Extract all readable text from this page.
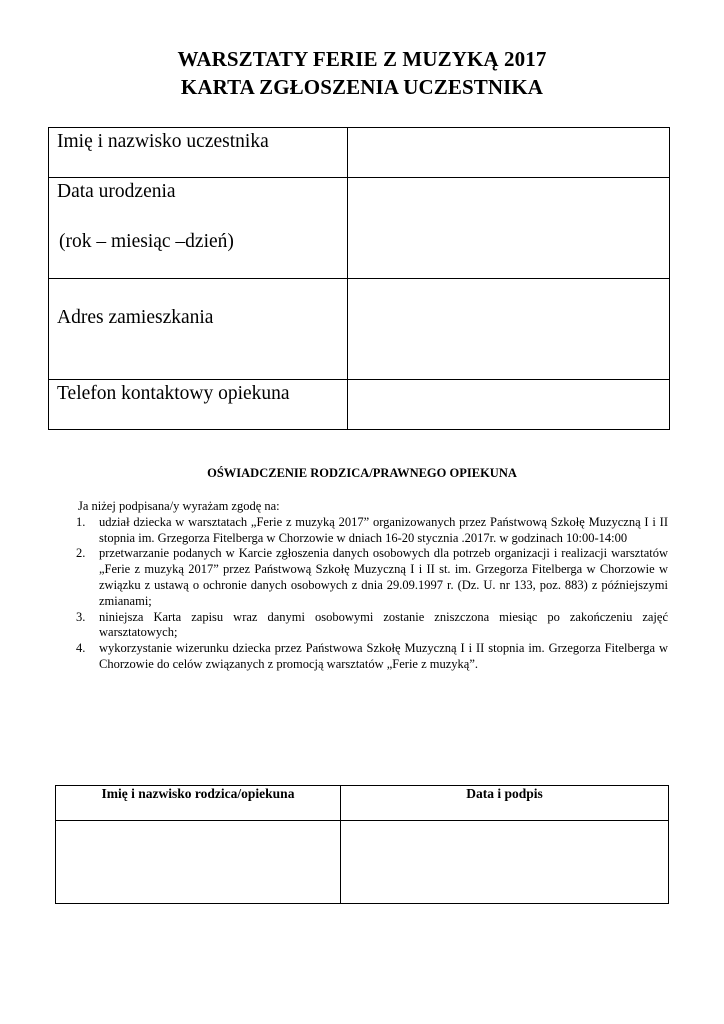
WARSZTATY FERIE Z MUZYKĄ 2017
KARTA ZGŁOSZENIA UCZESTNIKA
Imię i nazwisko uczestnika	

Data urodzenia
(rok – miesiąc –dzień)	

Adres zamieszkania	

Telefon kontaktowy opiekuna	

OŚWIADCZENIE RODZICA/PRAWNEGO OPIEKUNA

Ja niżej podpisana/y wyrażam zgodę na:

1. udział dziecka w warsztatach „Ferie z muzyką 2017” organizowanych przez Państwową Szkołę Muzyczną I i II stopnia im. Grzegorza Fitelberga w Chorzowie w dniach 16-20 stycznia .2017r. w godzinach 10:00-14:00
2. przetwarzanie podanych w Karcie zgłoszenia danych osobowych dla potrzeb organizacji i realizacji warsztatów „Ferie z muzyką 2017” przez Państwową Szkołę Muzyczną I i II st. im. Grzegorza Fitelberga w Chorzowie w związku z ustawą o ochronie danych osobowych z dnia 29.09.1997 r. (Dz. U. nr 133, poz. 883) z późniejszymi zmianami;
3. niniejsza Karta zapisu wraz danymi osobowymi zostanie zniszczona miesiąc po zakończeniu zajęć warsztatowych;
4. wykorzystanie wizerunku dziecka przez Państwowa Szkołę Muzyczną I i II stopnia im. Grzegorza Fitelberga w Chorzowie do celów związanych z promocją warsztatów „Ferie z muzyką”.
Imię i nazwisko rodzica/opiekuna	Data i podpis
